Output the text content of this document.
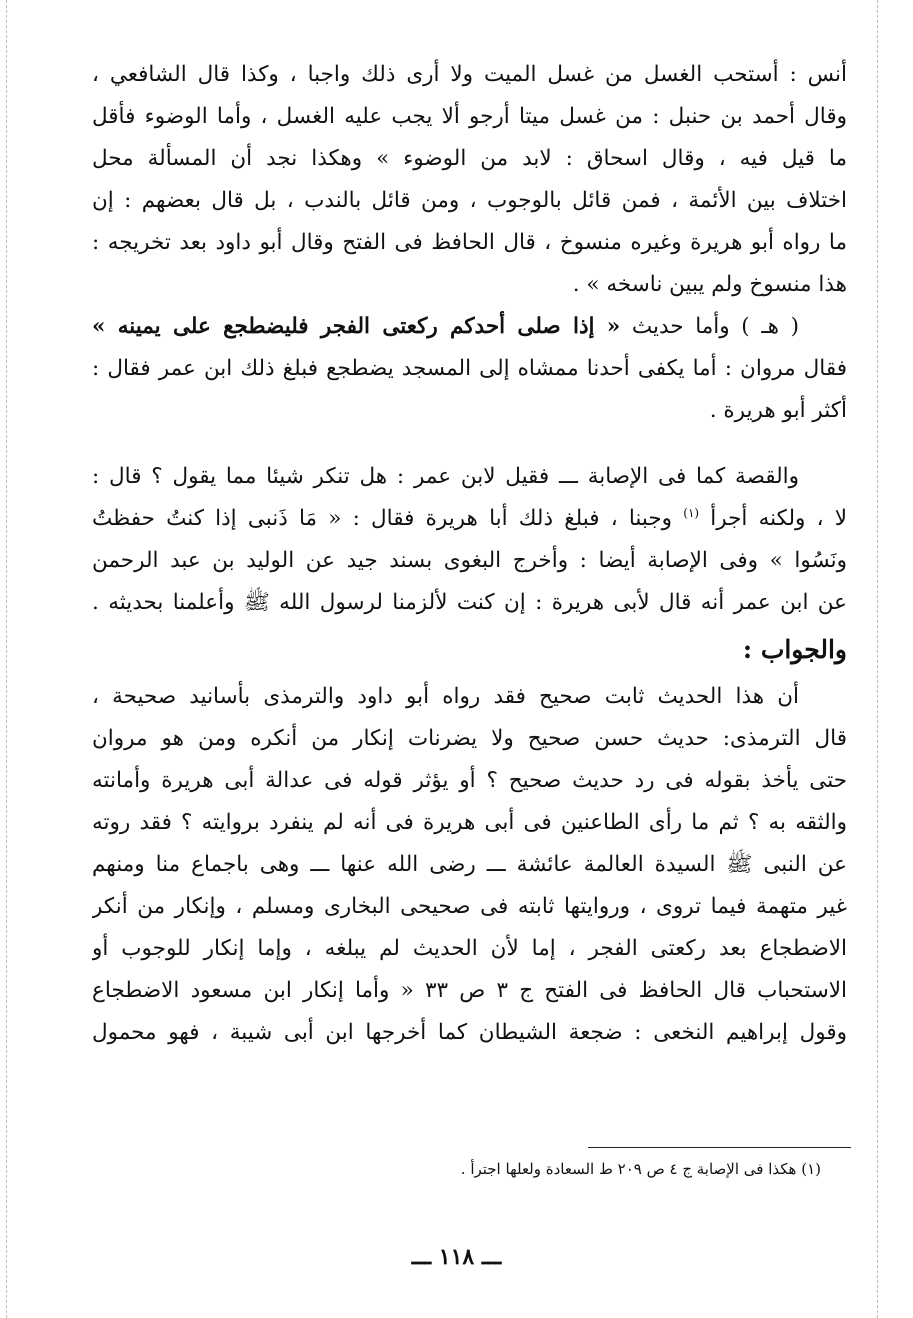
أنس : أستحب الغسل من غسل الميت ولا أرى ذلك واجبا ، وكذا قال الشافعي ،
وقال أحمد بن حنبل : من غسل ميتا أرجو ألا يجب عليه الغسل ، وأما الوضوء فأقل
ما قيل فيه ، وقال اسحاق : لابد من الوضوء » وهكذا نجد أن المسألة محل
اختلاف بين الأئمة ، فمن قائل بالوجوب ، ومن قائل بالندب ، بل قال بعضهم : إن
ما رواه أبو هريرة وغيره منسوخ ، قال الحافظ فى الفتح وقال أبو داود بعد تخريجه :
هذا منسوخ ولم يبين ناسخه » .
( هـ ) وأما حديث « إذا صلى أحدكم ركعتى الفجر فليضطجع على يمينه »
فقال مروان : أما يكفى أحدنا ممشاه إلى المسجد يضطجع فبلغ ذلك ابن عمر فقال :
أكثر أبو هريرة .
والقصة كما فى الإصابة ـــ فقيل لابن عمر : هل تنكر شيئا مما يقول ؟ قال :
لا ، ولكنه أجرأ $^{(١)}$ وجبنا ، فبلغ ذلك أبا هريرة فقال : « مَا ذَنبى إذا كنتُ حفظتُ
ونَسُوا » وفى الإصابة أيضا : وأخرج البغوى بسند جيد عن الوليد بن عبد الرحمن
عن ابن عمر أنه قال لأبى هريرة : إن كنت لألزمنا لرسول الله ﷺ وأعلمنا بحديثه .
والجواب :
أن هذا الحديث ثابت صحيح فقد رواه أبو داود والترمذى بأسانيد صحيحة ،
قال الترمذى: حديث حسن صحيح ولا يضرنات إنكار من أنكره ومن هو مروان
حتى يأخذ بقوله فى رد حديث صحيح ؟ أو يؤثر قوله فى عدالة أبى هريرة وأمانته
والثقه به ؟ ثم ما رأى الطاعنين فى أبى هريرة فى أنه لم ينفرد بروايته ؟ فقد روته
عن النبى ﷺ السيدة العالمة عائشة ـــ رضى الله عنها ـــ وهى باجماع منا ومنهم
غير متهمة فيما تروى ، وروايتها ثابته فى صحيحى البخارى ومسلم ، وإنكار من أنكر
الاضطجاع بعد ركعتى الفجر ، إما لأن الحديث لم يبلغه ، وإما إنكار للوجوب أو
الاستحباب قال الحافظ فى الفتح ج ٣ ص ٣٣ « وأما إنكار ابن مسعود الاضطجاع
وقول إبراهيم النخعى : ضجعة الشيطان كما أخرجها ابن أبى شيبة ، فهو محمول
(١) هكذا فى الإصابة ج ٤ ص ٢٠٩ ط السعادة ولعلها اجترأ .
ـــ ١١٨ ـــ
